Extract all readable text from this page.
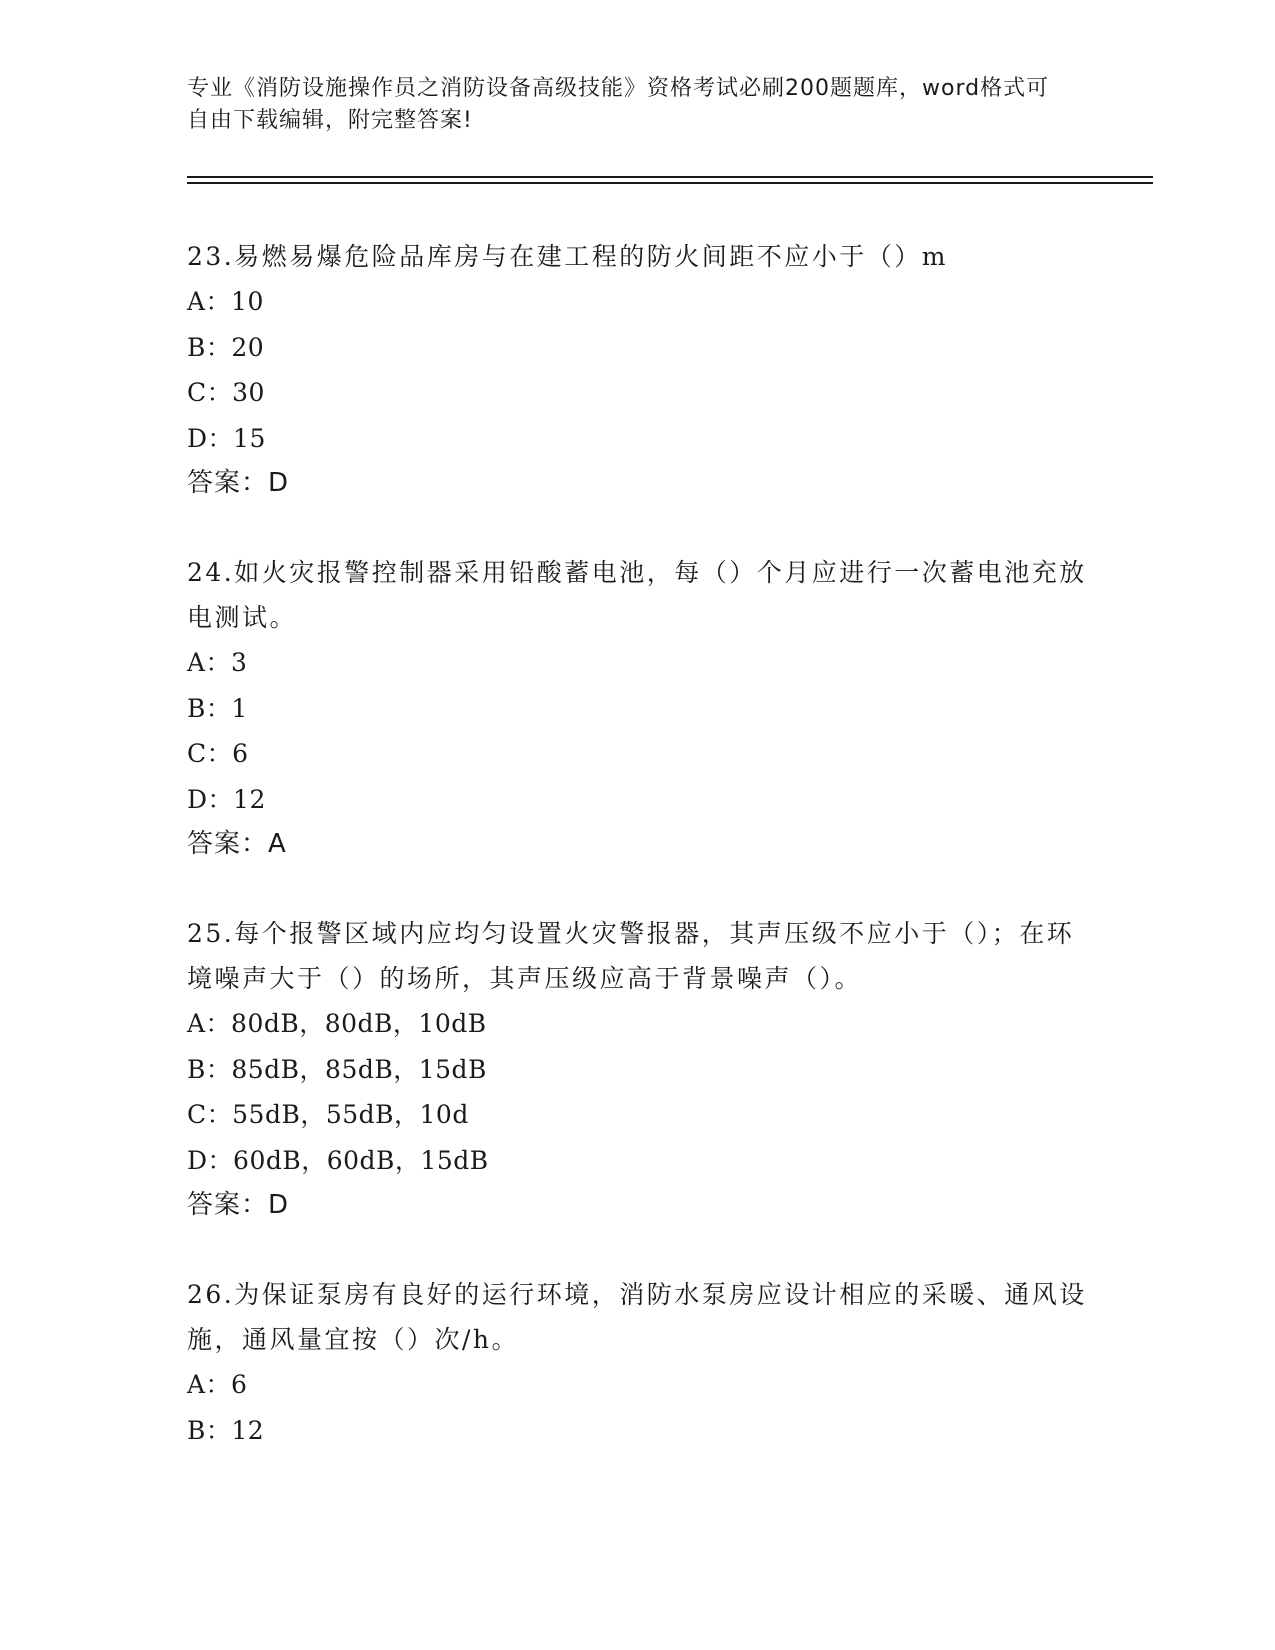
专业《消防设施操作员之消防设备高级技能》资格考试必刷200题题库，word格式可自由下载编辑，附完整答案!
23.易燃易爆危险品库房与在建工程的防火间距不应小于（）m
A：10
B：20
C：30
D：15
答案：D
24.如火灾报警控制器采用铅酸蓄电池，每（）个月应进行一次蓄电池充放电测试。
A：3
B：1
C：6
D：12
答案：A
25.每个报警区域内应均匀设置火灾警报器，其声压级不应小于（）；在环境噪声大于（）的场所，其声压级应高于背景噪声（）。
A：80dB，80dB，10dB
B：85dB，85dB，15dB
C：55dB，55dB，10d
D：60dB，60dB，15dB
答案：D
26.为保证泵房有良好的运行环境，消防水泵房应设计相应的采暖、通风设施，通风量宜按（）次/h。
A：6
B：12
